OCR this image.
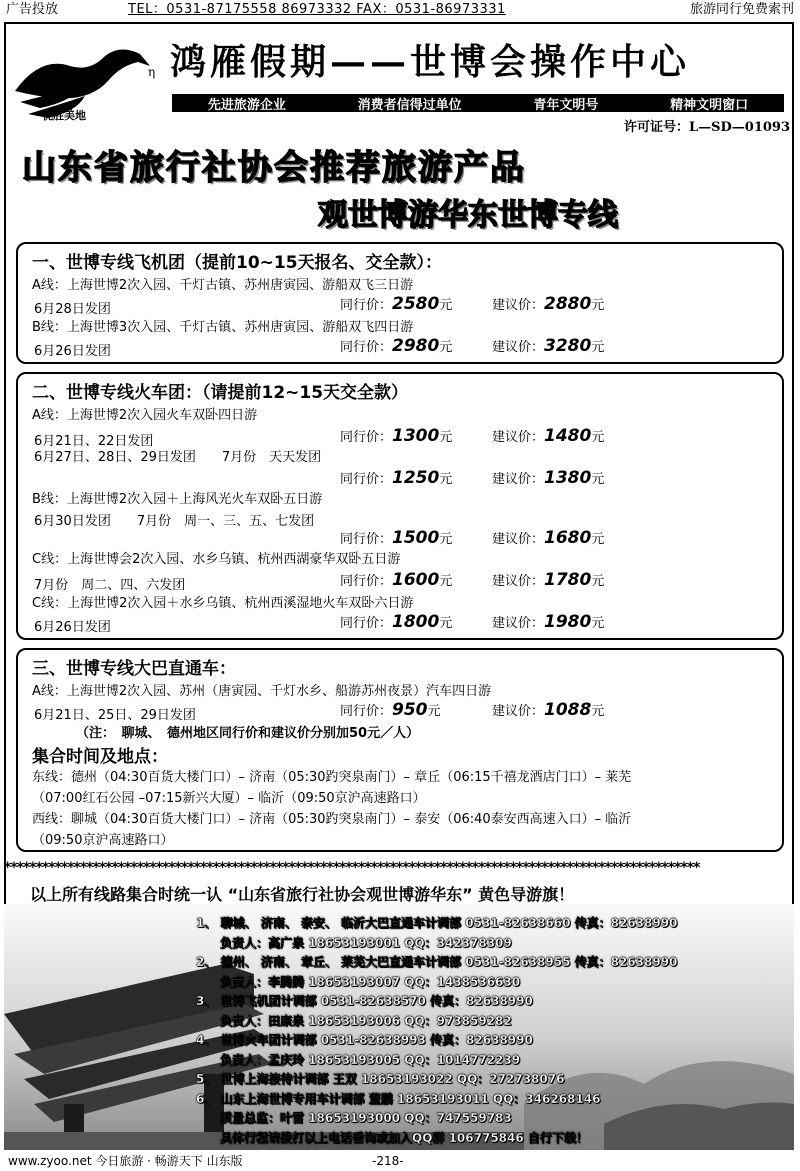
广告投放	TEL：0531-87175558 86973332 FAX：0531-86973331	旅游同行免费索刊
η
优胜美地
鸿雁假期——世博会操作中心
先进旅游企业	消费者信得过单位	青年文明号	精神文明窗口
许可证号：L—SD—01093
山东省旅行社协会推荐旅游产品
观世博游华东世博专线
一、世博专线飞机团（提前10~15天报名、交全款）：
A线：上海世博2次入园、千灯古镇、苏州唐寅园、游船双飞三日游
6月28日发团	同行价：2580元	建议价：2880元
B线：上海世博3次入园、千灯古镇、苏州唐寅园、游船双飞四日游
6月26日发团	同行价：2980元	建议价：3280元
二、世博专线火车团：（请提前12~15天交全款）
A线：上海世博2次入园火车双卧四日游
6月21日、22日发团	同行价：1300元	建议价：1480元
6月27日、28日、29日发团　　7月份　天天发团
同行价：1250元	建议价：1380元
B线：上海世博2次入园＋上海风光火车双卧五日游
6月30日发团　　7月份　周一、三、五、七发团
同行价：1500元	建议价：1680元
C线：上海世博会2次入园、水乡乌镇、杭州西湖豪华双卧五日游
7月份　周二、四、六发团	同行价：1600元	建议价：1780元
C线：上海世博2次入园＋水乡乌镇、杭州西溪湿地火车双卧六日游
6月26日发团	同行价：1800元	建议价：1980元
三、世博专线大巴直通车：
A线：上海世博2次入园、苏州（唐寅园、千灯水乡、船游苏州夜景）汽车四日游
6月21日、25日、29日发团	同行价：950元	建议价：1088元
（注：　聊城、　德州地区同行价和建议价分别加50元／人）
集合时间及地点：
东线：德州（04:30百货大楼门口）– 济南（05:30趵突泉南门）– 章丘（06:15千禧龙酒店门口）– 莱芜
（07:00红石公园 –07:15新兴大厦）– 临沂（09:50京沪高速路口）
西线：聊城（04:30百货大楼门口）– 济南（05:30趵突泉南门）– 泰安（06:40泰安西高速入口）– 临沂
（09:50京沪高速路口）
**************************************************************************************************************
以上所有线路集合时统一认 “山东省旅行社协会观世博游华东” 黄色导游旗！
1、 聊城、 济南、 泰安、 临沂大巴直通车计调部 0531-82638660 传真：82638990
　　负责人：高广泉 18653193001 QQ：342378309
2、 德州、 济南、 章丘、 莱芜大巴直通车计调部 0531-82638955 传真：82638990
　　负责人：李腾腾 18653193007 QQ：1438536630
3、 世博飞机团计调部 0531-82638570 传真：82638990
　　负责人：田康泉 18653193006 QQ：973859282
4、 世博火车团计调部 0531-82638993 传真：82638990
　　负责人：孟庆玲 18653193005 QQ：1014772239
5、 世博上海接待计调部 王双 18653193022 QQ：272738076
6、 山东上海世博专用车计调部 董鹏 18653193011 QQ：346268146
　　质量总监：叶雷 18653193000 QQ：747559783
　　具体行程请拨打以上电话垂询或加入QQ群 106775846 自行下载！
www.zyoo.net 今日旅游 · 畅游天下 山东版	-218-
